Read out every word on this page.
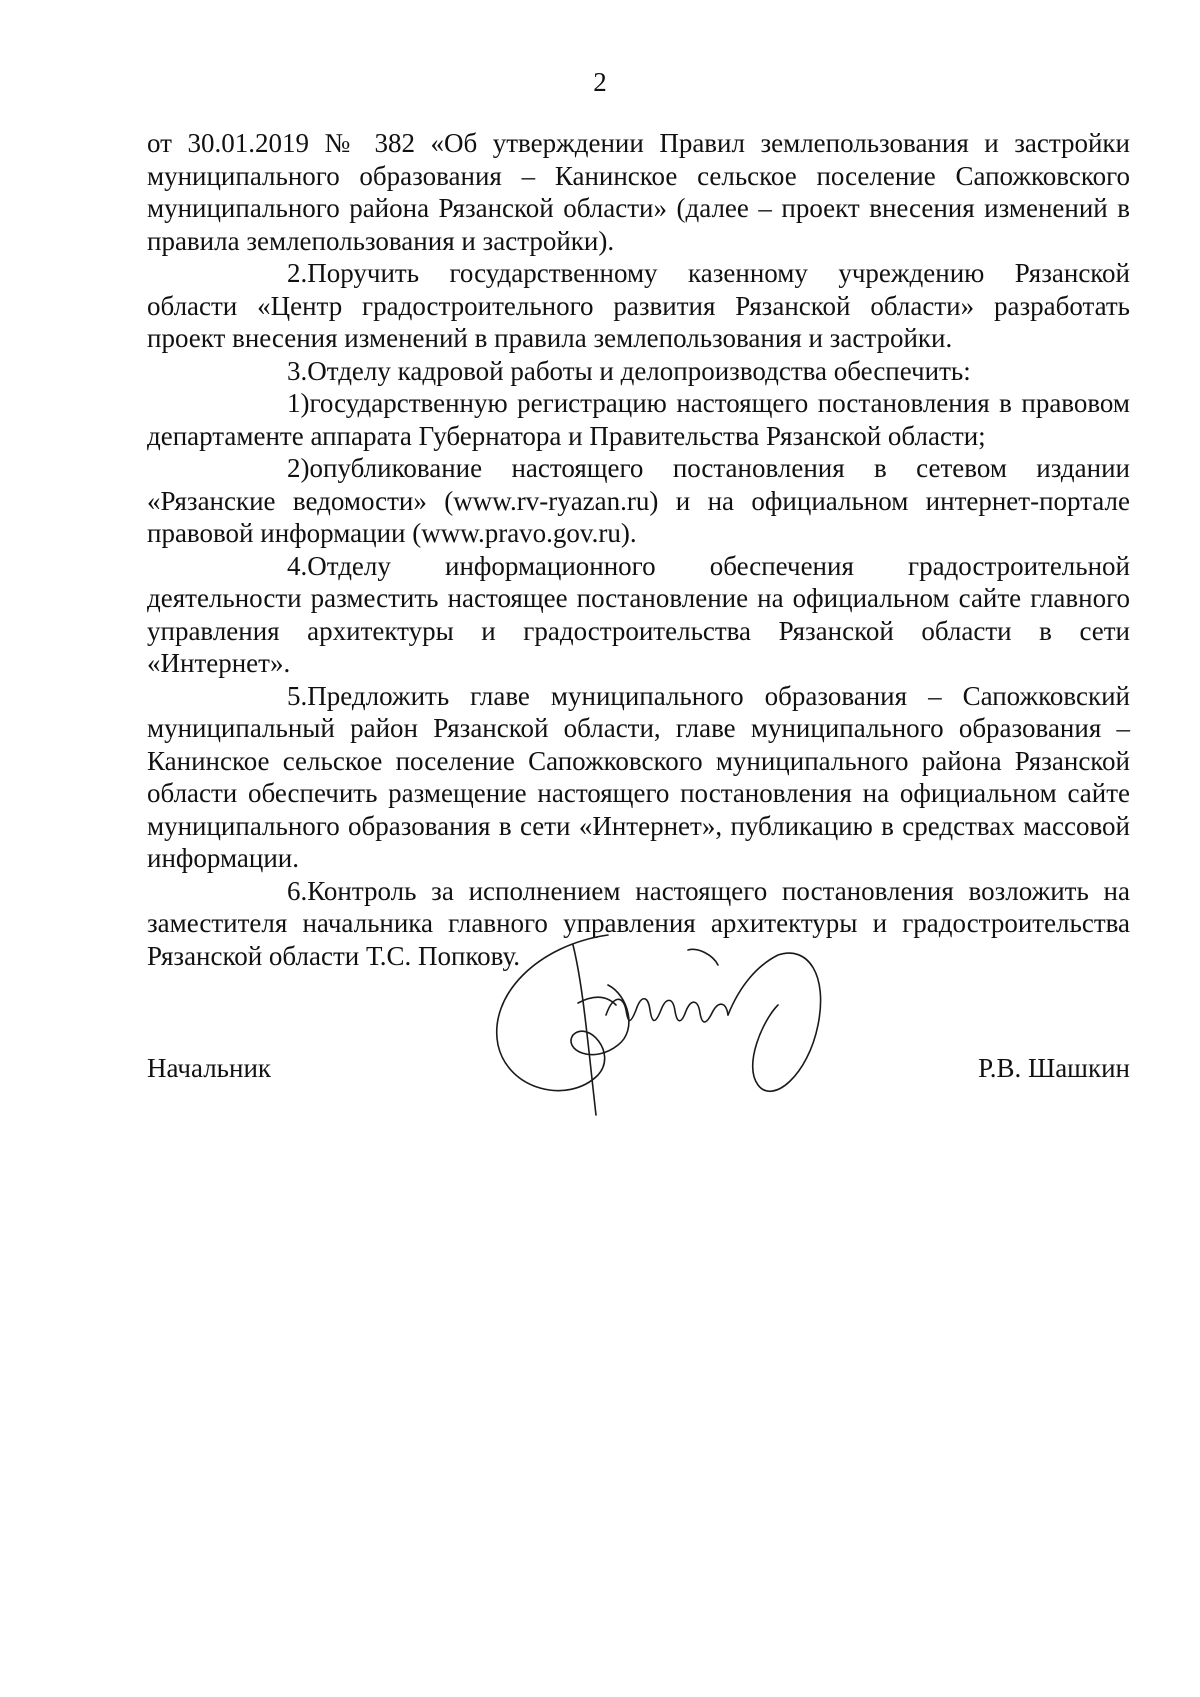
2

от 30.01.2019 № 382 «Об утверждении Правил землепользования и застройки муниципального образования – Канинское сельское поселение Сапожковского муниципального района Рязанской области» (далее – проект внесения изменений в правила землепользования и застройки).

2.Поручить государственному казенному учреждению Рязанской области «Центр градостроительного развития Рязанской области» разработать проект внесения изменений в правила землепользования и застройки.

3.Отделу кадровой работы и делопроизводства обеспечить:

1)государственную регистрацию настоящего постановления в правовом департаменте аппарата Губернатора и Правительства Рязанской области;

2)опубликование настоящего постановления в сетевом издании «Рязанские ведомости» (www.rv-ryazan.ru) и на официальном интернет-портале правовой информации (www.pravo.gov.ru).

4.Отделу информационного обеспечения градостроительной деятельности разместить настоящее постановление на официальном сайте главного управления архитектуры и градостроительства Рязанской области в сети «Интернет».

5.Предложить главе муниципального образования – Сапожковский муниципальный район Рязанской области, главе муниципального образования – Канинское сельское поселение Сапожковского муниципального района Рязанской области обеспечить размещение настоящего постановления на официальном сайте муниципального образования в сети «Интернет», публикацию в средствах массовой информации.

6.Контроль за исполнением настоящего постановления возложить на заместителя начальника главного управления архитектуры и градостроительства Рязанской области Т.С. Попкову.

Начальник	Р.В. Шашкин
